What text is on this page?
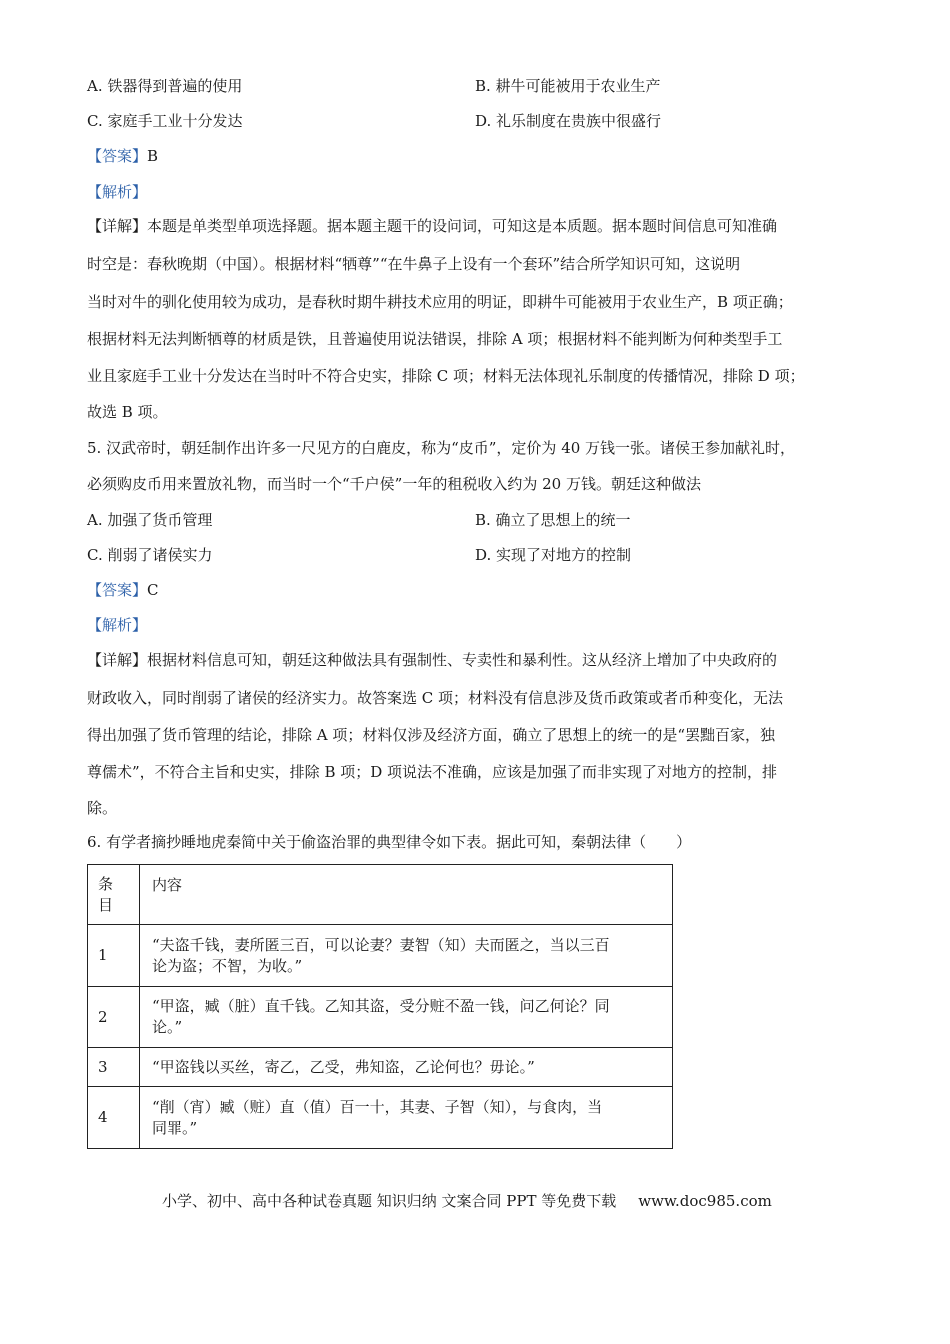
A. 铁器得到普遍的使用	B. 耕牛可能被用于农业生产
C. 家庭手工业十分发达	D. 礼乐制度在贵族中很盛行
【答案】B
【解析】
【详解】本题是单类型单项选择题。据本题主题干的设问词，可知这是本质题。据本题时间信息可知准确
时空是：春秋晚期（中国）。根据材料“牺尊”“在牛鼻子上设有一个套环”结合所学知识可知，这说明
当时对牛的驯化使用较为成功，是春秋时期牛耕技术应用的明证，即耕牛可能被用于农业生产，B 项正确；
根据材料无法判断牺尊的材质是铁，且普遍使用说法错误，排除 A 项；根据材料不能判断为何种类型手工
业且家庭手工业十分发达在当时叶不符合史实，排除 C 项；材料无法体现礼乐制度的传播情况，排除 D 项；
故选 B 项。
5. 汉武帝时，朝廷制作出许多一尺见方的白鹿皮，称为“皮币”，定价为 40 万钱一张。诸侯王参加献礼时，
必须购皮币用来置放礼物，而当时一个“千户侯”一年的租税收入约为 20 万钱。朝廷这种做法
A. 加强了货币管理	B. 确立了思想上的统一
C. 削弱了诸侯实力	D. 实现了对地方的控制
【答案】C
【解析】
【详解】根据材料信息可知，朝廷这种做法具有强制性、专卖性和暴利性。这从经济上增加了中央政府的
财政收入，同时削弱了诸侯的经济实力。故答案选 C 项；材料没有信息涉及货币政策或者币种变化，无法
得出加强了货币管理的结论，排除 A 项；材料仅涉及经济方面，确立了思想上的统一的是“罢黜百家，独
尊儒术”，不符合主旨和史实，排除 B 项；D 项说法不准确，应该是加强了而非实现了对地方的控制，排
除。
6. 有学者摘抄睡地虎秦简中关于偷盗治罪的典型律令如下表。据此可知，秦朝法律（　　）
条
目	内容
1	“夫盗千钱，妻所匿三百，可以论妻？妻智（知）夫而匿之，当以三百
论为盗；不智，为收。”

2	“甲盗，臧（脏）直千钱。乙知其盗，受分赃不盈一钱，问乙何论？同
论。”

3	“甲盗钱以买丝，寄乙，乙受，弗知盗，乙论何也？毋论。”

4	“削（宵）臧（赃）直（值）百一十，其妻、子智（知），与食肉，当
同罪。”
小学、初中、高中各种试卷真题 知识归纳 文案合同 PPT 等免费下载 www.doc985.com
